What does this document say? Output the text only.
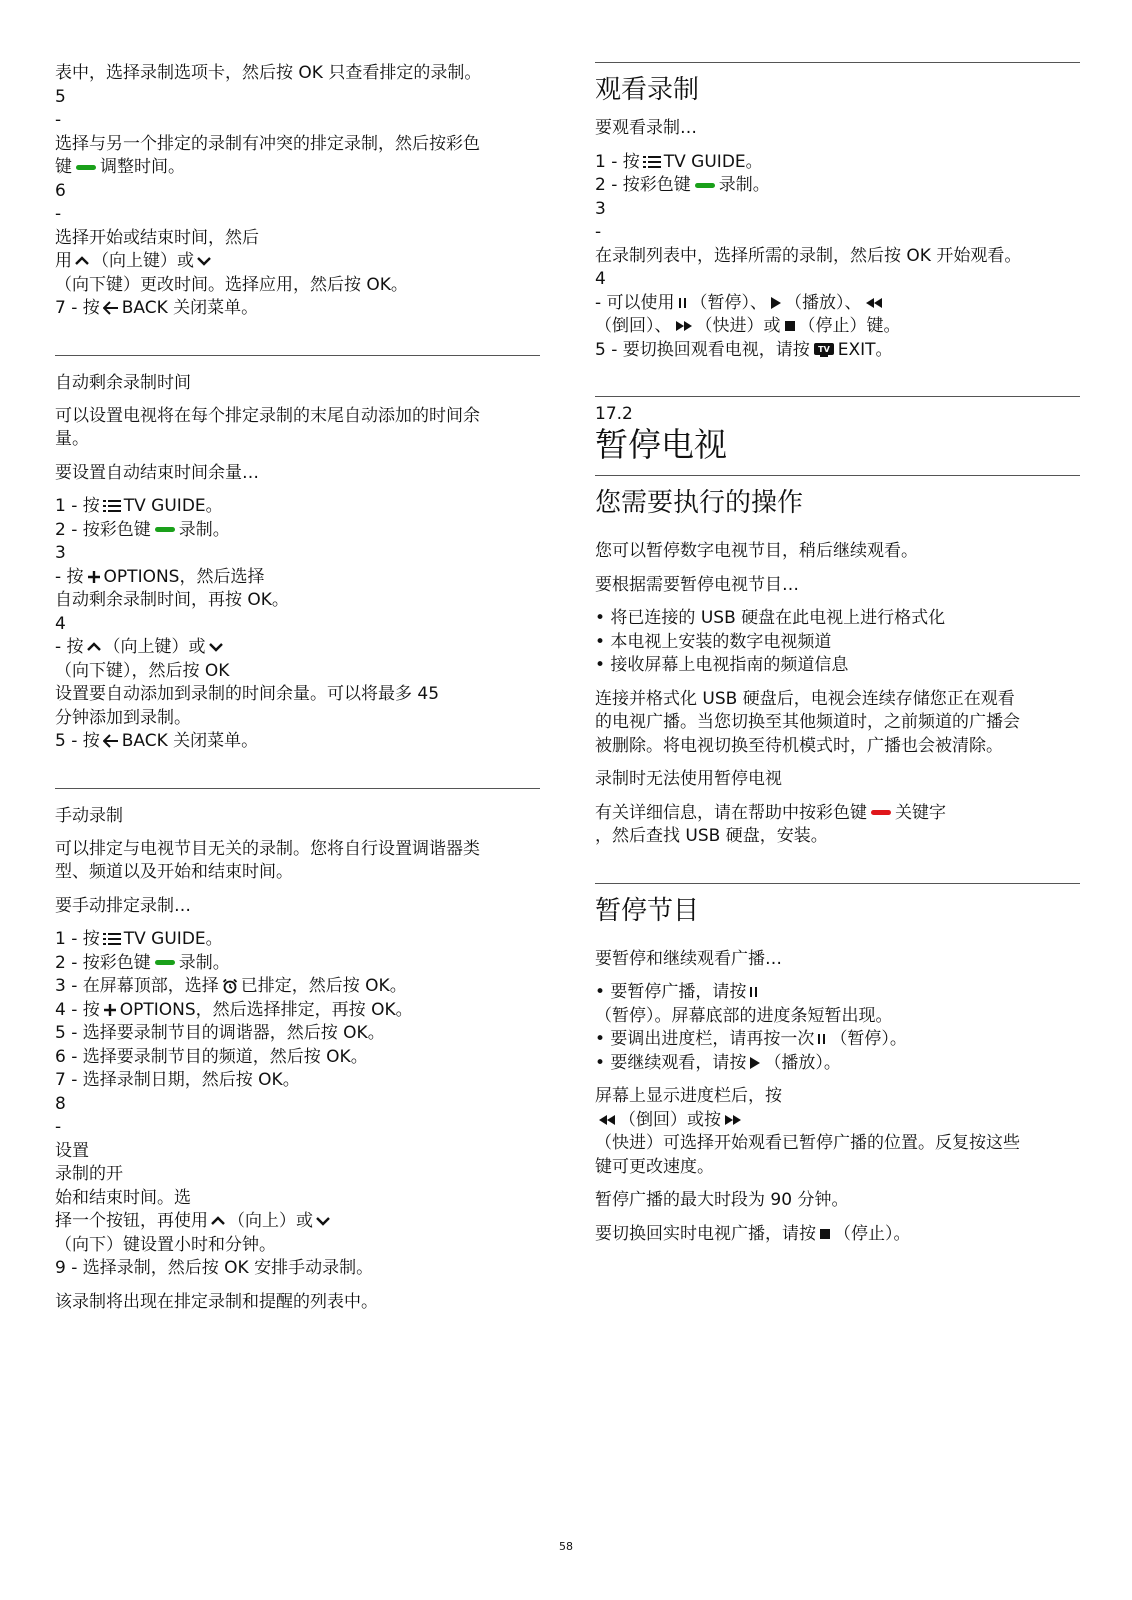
表中，选择录制选项卡，然后按 OK 只查看排定的录制。

5

-

选择与另一个排定的录制有冲突的排定录制，然后按彩色

键 调整时间。

6

-

选择开始或结束时间，然后

用 （向上键）或

（向下键）更改时间。选择应用，然后按 OK。

7 - 按 BACK 关闭菜单。

自动剩余录制时间

可以设置电视将在每个排定录制的末尾自动添加的时间余

量。

要设置自动结束时间余量…

1 - 按 TV GUIDE。

2 - 按彩色键 录制。

3

- 按 OPTIONS，然后选择

自动剩余录制时间，再按 OK。

4

- 按 （向上键）或

（向下键），然后按 OK

设置要自动添加到录制的时间余量。可以将最多 45

分钟添加到录制。

5 - 按 BACK 关闭菜单。

手动录制

可以排定与电视节目无关的录制。您将自行设置调谐器类

型、频道以及开始和结束时间。

要手动排定录制…

1 - 按 TV GUIDE。

2 - 按彩色键 录制。

3 - 在屏幕顶部，选择 已排定，然后按 OK。

4 - 按 OPTIONS，然后选择排定，再按 OK。

5 - 选择要录制节目的调谐器，然后按 OK。

6 - 选择要录制节目的频道，然后按 OK。

7 - 选择录制日期，然后按 OK。

8

-

设置

录制的开

始和结束时间。选

择一个按钮，再使用 （向上）或

（向下）键设置小时和分钟。

9 - 选择录制，然后按 OK 安排手动录制。

该录制将出现在排定录制和提醒的列表中。

观看录制

要观看录制…

1 - 按 TV GUIDE。

2 - 按彩色键 录制。

3

-

在录制列表中，选择所需的录制，然后按 OK 开始观看。

4

- 可以使用 （暂停）、 （播放）、

（倒回）、 （快进）或 （停止）键。

5 - 要切换回观看电视，请按 TV EXIT。

17.2

暂停电视

您需要执行的操作

您可以暂停数字电视节目，稍后继续观看。

要根据需要暂停电视节目…

• 将已连接的 USB 硬盘在此电视上进行格式化

• 本电视上安装的数字电视频道

• 接收屏幕上电视指南的频道信息

连接并格式化 USB 硬盘后，电视会连续存储您正在观看

的电视广播。当您切换至其他频道时，之前频道的广播会

被删除。将电视切换至待机模式时，广播也会被清除。

录制时无法使用暂停电视

有关详细信息，请在帮助中按彩色键 关键字

，然后查找 USB 硬盘，安装。

暂停节目

要暂停和继续观看广播…

• 要暂停广播，请按

（暂停）。屏幕底部的进度条短暂出现。

• 要调出进度栏，请再按一次 （暂停）。

• 要继续观看，请按 （播放）。

屏幕上显示进度栏后，按

（倒回）或按

（快进）可选择开始观看已暂停广播的位置。反复按这些

键可更改速度。

暂停广播的最大时段为 90 分钟。

要切换回实时电视广播，请按 （停止）。

58
